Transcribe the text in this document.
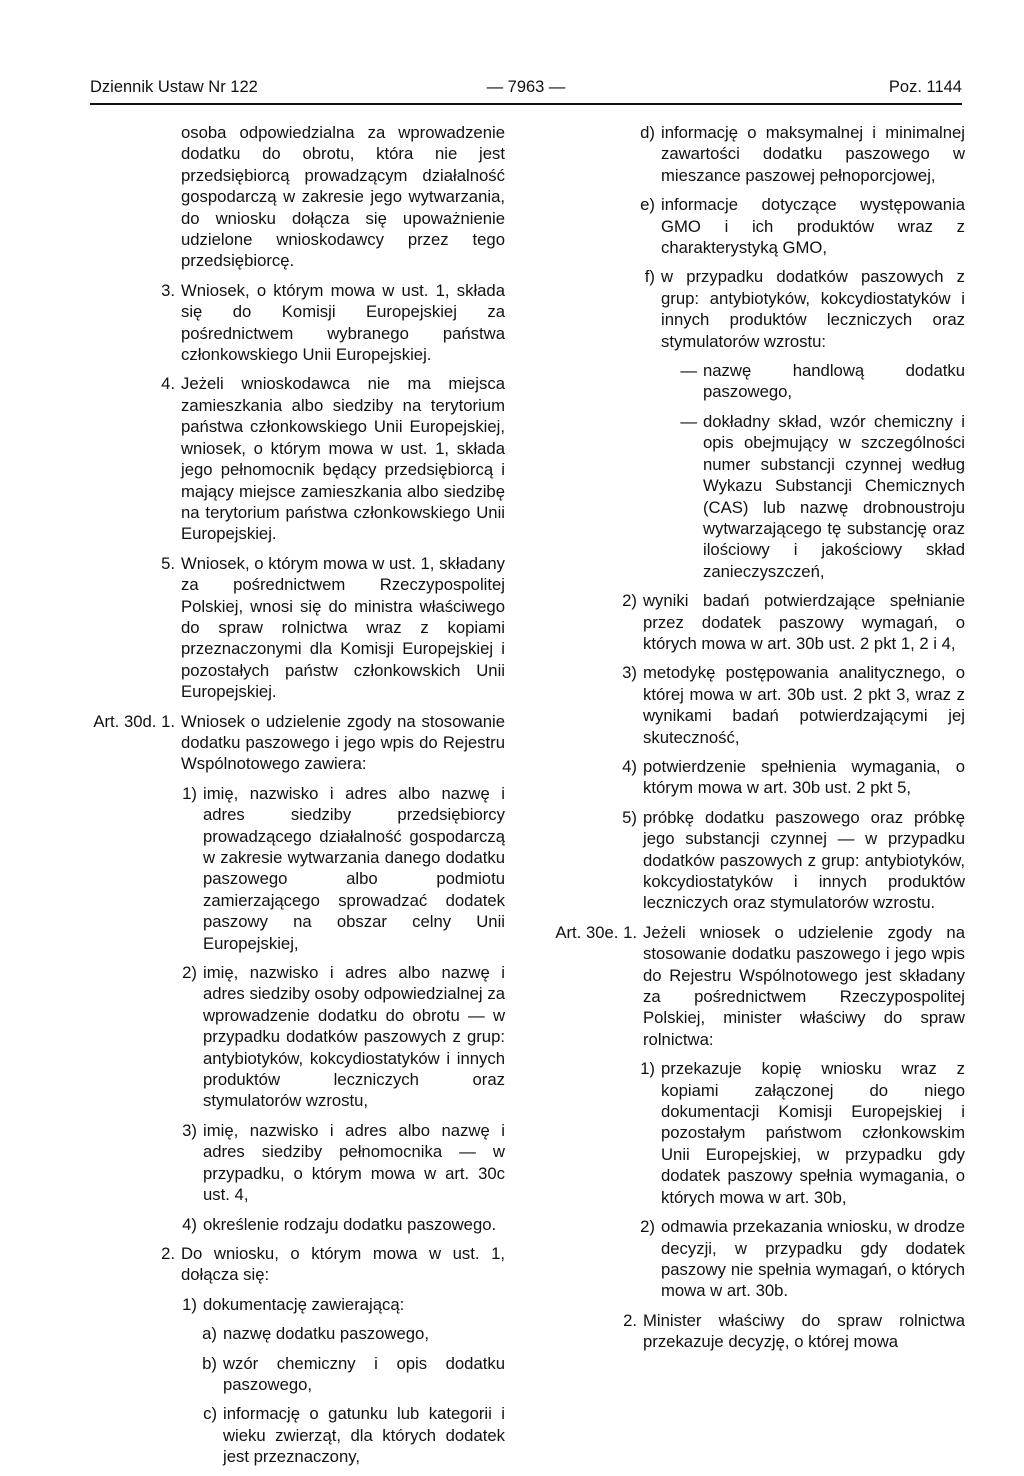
Dziennik Ustaw Nr 122	— 7963 —	Poz. 1144
osoba odpowiedzialna za wprowadzenie dodatku do obrotu, która nie jest przedsiębiorcą prowadzącym działalność gospodarczą w zakresie jego wytwarzania, do wniosku dołącza się upoważnienie udzielone wnioskodawcy przez tego przedsiębiorcę.
3. Wniosek, o którym mowa w ust. 1, składa się do Komisji Europejskiej za pośrednictwem wybranego państwa członkowskiego Unii Europejskiej.
4. Jeżeli wnioskodawca nie ma miejsca zamieszkania albo siedziby na terytorium państwa członkowskiego Unii Europejskiej, wniosek, o którym mowa w ust. 1, składa jego pełnomocnik będący przedsiębiorcą i mający miejsce zamieszkania albo siedzibę na terytorium państwa członkowskiego Unii Europejskiej.
5. Wniosek, o którym mowa w ust. 1, składany za pośrednictwem Rzeczypospolitej Polskiej, wnosi się do ministra właściwego do spraw rolnictwa wraz z kopiami przeznaczonymi dla Komisji Europejskiej i pozostałych państw członkowskich Unii Europejskiej.
Art. 30d. 1. Wniosek o udzielenie zgody na stosowanie dodatku paszowego i jego wpis do Rejestru Wspólnotowego zawiera:
1) imię, nazwisko i adres albo nazwę i adres siedziby przedsiębiorcy prowadzącego działalność gospodarczą w zakresie wytwarzania danego dodatku paszowego albo podmiotu zamierzającego sprowadzać dodatek paszowy na obszar celny Unii Europejskiej,
2) imię, nazwisko i adres albo nazwę i adres siedziby osoby odpowiedzialnej za wprowadzenie dodatku do obrotu — w przypadku dodatków paszowych z grup: antybiotyków, kokcydiostatyków i innych produktów leczniczych oraz stymulatorów wzrostu,
3) imię, nazwisko i adres albo nazwę i adres siedziby pełnomocnika — w przypadku, o którym mowa w art. 30c ust. 4,
4) określenie rodzaju dodatku paszowego.
2. Do wniosku, o którym mowa w ust. 1, dołącza się:
1) dokumentację zawierającą:
a) nazwę dodatku paszowego,
b) wzór chemiczny i opis dodatku paszowego,
c) informację o gatunku lub kategorii i wieku zwierząt, dla których dodatek jest przeznaczony,
d) informację o maksymalnej i minimalnej zawartości dodatku paszowego w mieszance paszowej pełnoporcjowej,
e) informacje dotyczące występowania GMO i ich produktów wraz z charakterystyką GMO,
f) w przypadku dodatków paszowych z grup: antybiotyków, kokcydiostatyków i innych produktów leczniczych oraz stymulatorów wzrostu:
— nazwę handlową dodatku paszowego,
— dokładny skład, wzór chemiczny i opis obejmujący w szczególności numer substancji czynnej według Wykazu Substancji Chemicznych (CAS) lub nazwę drobnoustroju wytwarzającego tę substancję oraz ilościowy i jakościowy skład zanieczyszczeń,
2) wyniki badań potwierdzające spełnianie przez dodatek paszowy wymagań, o których mowa w art. 30b ust. 2 pkt 1, 2 i 4,
3) metodykę postępowania analitycznego, o której mowa w art. 30b ust. 2 pkt 3, wraz z wynikami badań potwierdzającymi jej skuteczność,
4) potwierdzenie spełnienia wymagania, o którym mowa w art. 30b ust. 2 pkt 5,
5) próbkę dodatku paszowego oraz próbkę jego substancji czynnej — w przypadku dodatków paszowych z grup: antybiotyków, kokcydiostatyków i innych produktów leczniczych oraz stymulatorów wzrostu.
Art. 30e. 1. Jeżeli wniosek o udzielenie zgody na stosowanie dodatku paszowego i jego wpis do Rejestru Wspólnotowego jest składany za pośrednictwem Rzeczypospolitej Polskiej, minister właściwy do spraw rolnictwa:
1) przekazuje kopię wniosku wraz z kopiami załączonej do niego dokumentacji Komisji Europejskiej i pozostałym państwom członkowskim Unii Europejskiej, w przypadku gdy dodatek paszowy spełnia wymagania, o których mowa w art. 30b,
2) odmawia przekazania wniosku, w drodze decyzji, w przypadku gdy dodatek paszowy nie spełnia wymagań, o których mowa w art. 30b.
2. Minister właściwy do spraw rolnictwa przekazuje decyzję, o której mowa
